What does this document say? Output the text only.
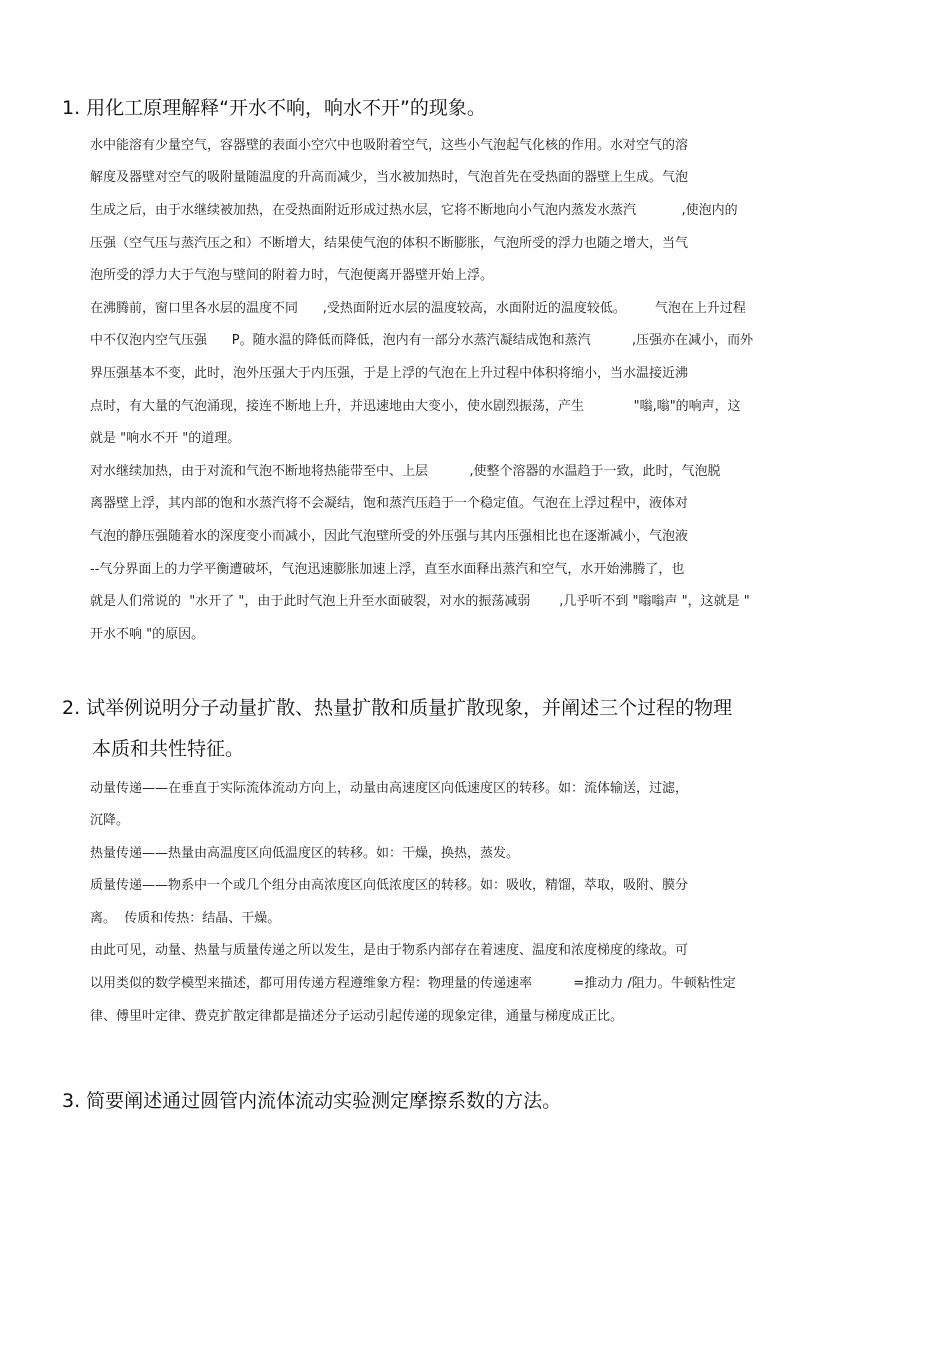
1. 用化工原理解释“开水不响，响水不开”的现象。
水中能溶有少量空气，容器壁的表面小空穴中也吸附着空气，这些小气泡起气化核的作用。水对空气的溶
解度及器壁对空气的吸附量随温度的升高而减少，当水被加热时，气泡首先在受热面的器壁上生成。气泡
生成之后，由于水继续被加热，在受热面附近形成过热水层，它将不断地向小气泡内蒸发水蒸汽           ,使泡内的
压强（空气压与蒸汽压之和）不断增大，结果使气泡的体积不断膨胀，气泡所受的浮力也随之增大，当气
泡所受的浮力大于气泡与壁间的附着力时，气泡便离开器壁开始上浮。
在沸腾前，窗口里各水层的温度不同      ,受热面附近水层的温度较高，水面附近的温度较低。       气泡在上升过程
中不仅泡内空气压强      P。随水温的降低而降低，泡内有一部分水蒸汽凝结成饱和蒸汽          ,压强亦在减小，而外
界压强基本不变，此时，泡外压强大于内压强，于是上浮的气泡在上升过程中体积将缩小，当水温接近沸
点时，有大量的气泡涌现，接连不断地上升，并迅速地由大变小，使水剧烈振荡，产生            "嗡,嗡"的响声，这
就是 "响水不开 "的道理。
对水继续加热，由于对流和气泡不断地将热能带至中、上层          ,使整个溶器的水温趋于一致，此时，气泡脱
离器壁上浮，其内部的饱和水蒸汽将不会凝结，饱和蒸汽压趋于一个稳定值。气泡在上浮过程中，液体对
气泡的静压强随着水的深度变小而减小，因此气泡壁所受的外压强与其内压强相比也在逐渐减小，气泡液
--气分界面上的力学平衡遭破坏，气泡迅速膨胀加速上浮，直至水面释出蒸汽和空气，水开始沸腾了，也
就是人们常说的  "水开了 "，由于此时气泡上升至水面破裂，对水的振荡减弱       ,几乎听不到 "嗡嗡声 "，这就是 "
开水不响 "的原因。
2. 试举例说明分子动量扩散、热量扩散和质量扩散现象，并阐述三个过程的物理
本质和共性特征。
动量传递——在垂直于实际流体流动方向上，动量由高速度区向低速度区的转移。如：流体输送，过滤，
沉降。
热量传递——热量由高温度区向低温度区的转移。如：干燥，换热，蒸发。
质量传递——物系中一个或几个组分由高浓度区向低浓度区的转移。如：吸收，精馏，萃取，吸附、膜分
离。  传质和传热：结晶、干燥。
由此可见，动量、热量与质量传递之所以发生，是由于物系内部存在着速度、温度和浓度梯度的缘故。可
以用类似的数学模型来描述，都可用传递方程遵维象方程：物理量的传递速率          =推动力 /阻力。牛顿粘性定
律、傅里叶定律、费克扩散定律都是描述分子运动引起传递的现象定律，通量与梯度成正比。
3. 简要阐述通过圆管内流体流动实验测定摩擦系数的方法。
